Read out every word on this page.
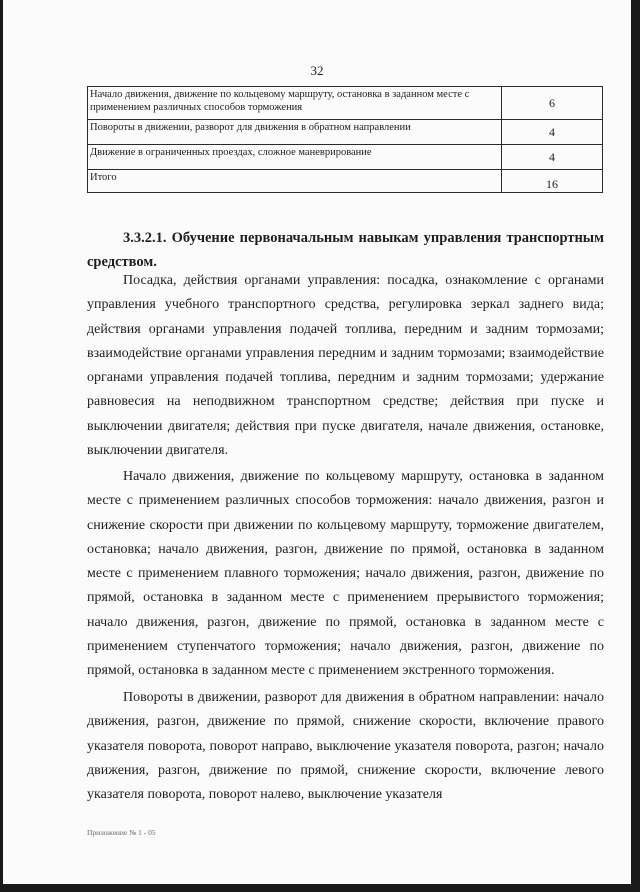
32
Начало движения, движение по кольцевому маршруту, остановка в заданном месте с применением различных способов торможения	6
Повороты в движении, разворот для движения в обратном направлении	4
Движение в ограниченных проездах, сложное маневрирование	4
Итого	16
3.3.2.1. Обучение первоначальным навыкам управления транспортным средством.
Посадка, действия органами управления: посадка, ознакомление с органами управления учебного транспортного средства, регулировка зеркал заднего вида; действия органами управления подачей топлива, передним и задним тормозами; взаимодействие органами управления передним и задним тормозами; взаимодействие органами управления подачей топлива, передним и задним тормозами; удержание равновесия на неподвижном транспортном средстве; действия при пуске и выключении двигателя; действия при пуске двигателя, начале движения, остановке, выключении двигателя.
Начало движения, движение по кольцевому маршруту, остановка в заданном месте с применением различных способов торможения: начало движения, разгон и снижение скорости при движении по кольцевому маршруту, торможение двигателем, остановка; начало движения, разгон, движение по прямой, остановка в заданном месте с применением плавного торможения; начало движения, разгон, движение по прямой, остановка в заданном месте с применением прерывистого торможения; начало движения, разгон, движение по прямой, остановка в заданном месте с применением ступенчатого торможения; начало движения, разгон, движение по прямой, остановка в заданном месте с применением экстренного торможения.
Повороты в движении, разворот для движения в обратном направлении: начало движения, разгон, движение по прямой, снижение скорости, включение правого указателя поворота, поворот направо, выключение указателя поворота, разгон; начало движения, разгон, движение по прямой, снижение скорости, включение левого указателя поворота, поворот налево, выключение указателя
Приложение № 1 - 05
